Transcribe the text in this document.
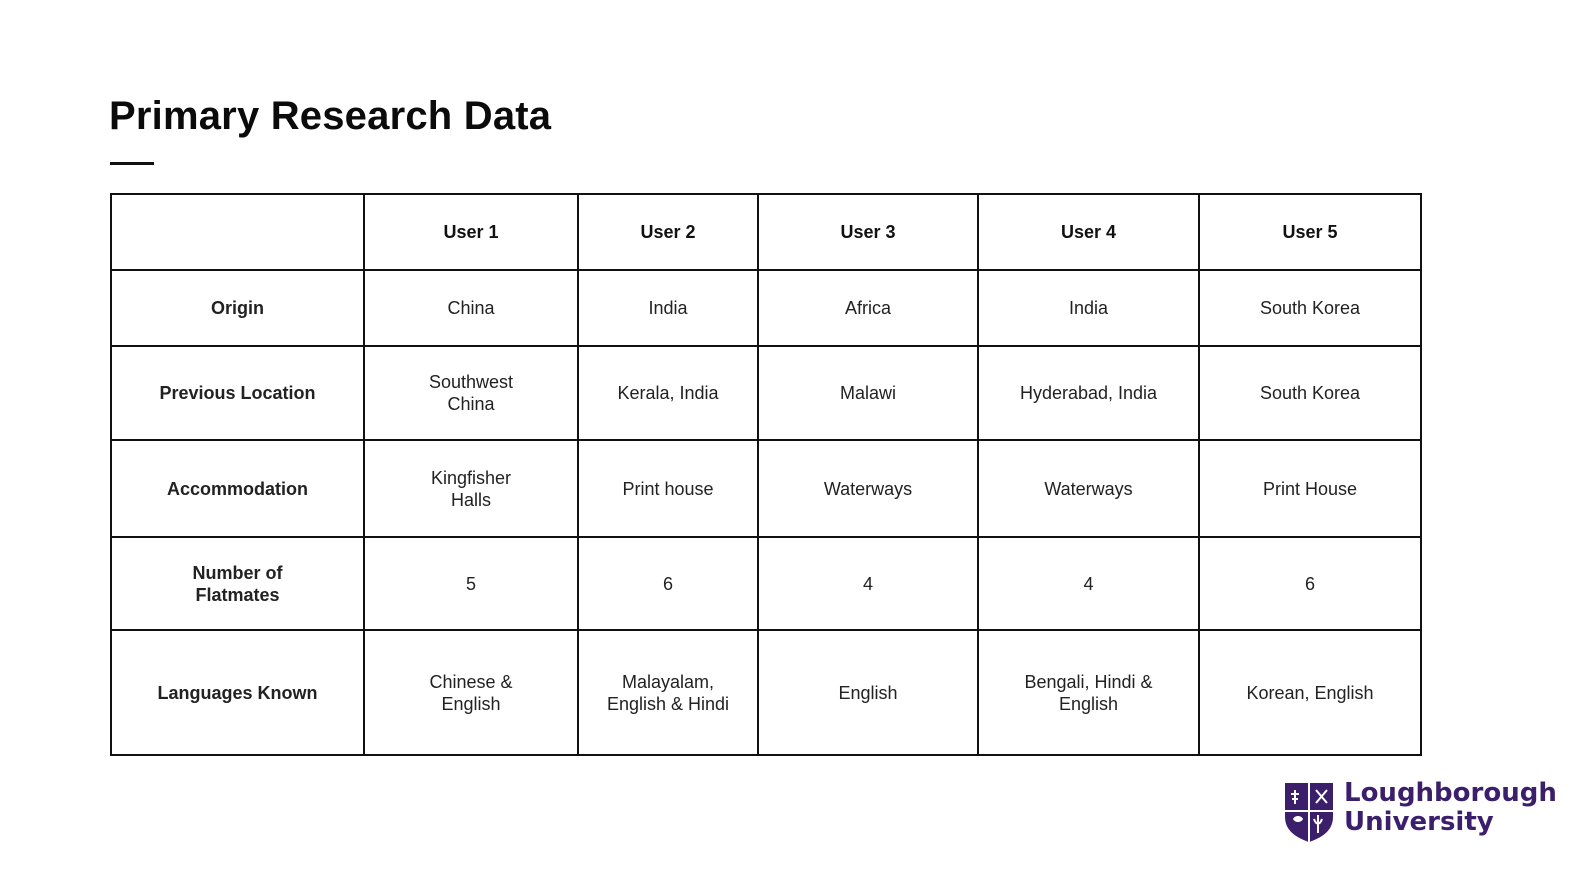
Primary Research Data
	User 1	User 2	User 3	User 4	User 5
Origin	China	India	Africa	India	South Korea
Previous Location	Southwest China	Kerala, India	Malawi	Hyderabad, India	South Korea
Accommodation	Kingfisher Halls	Print house	Waterways	Waterways	Print House
Number of Flatmates	5	6	4	4	6
Languages Known	Chinese & English	Malayalam, English & Hindi	English	Bengali, Hindi & English	Korean, English
Loughborough
University
